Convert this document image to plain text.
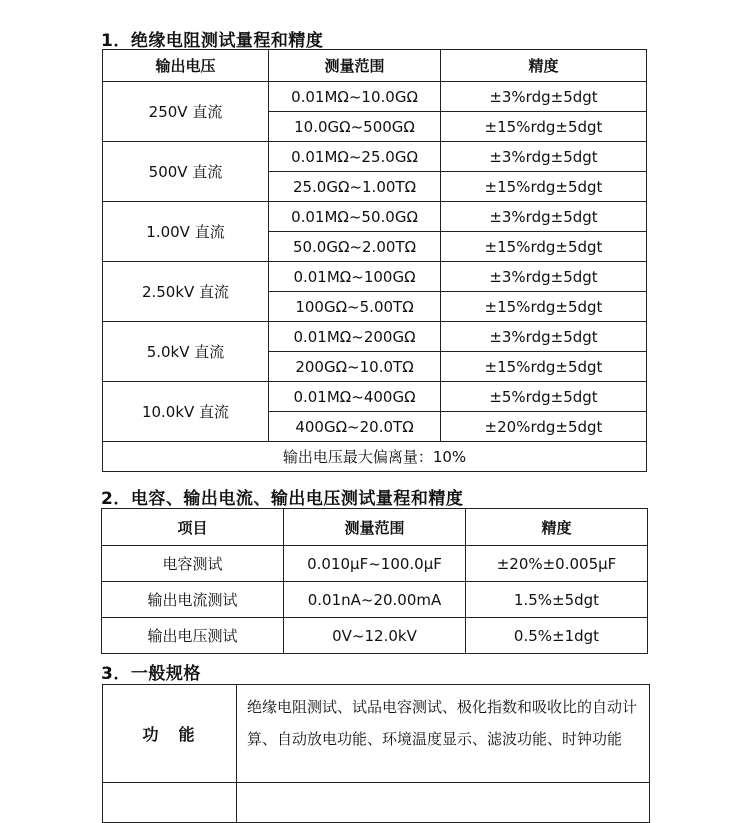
1．绝缘电阻测试量程和精度
输出电压	测量范围	精度
250V 直流	0.01MΩ~10.0GΩ	±3%rdg±5dgt
	10.0GΩ~500GΩ	±15%rdg±5dgt
500V 直流	0.01MΩ~25.0GΩ	±3%rdg±5dgt
	25.0GΩ~1.00TΩ	±15%rdg±5dgt
1.00V 直流	0.01MΩ~50.0GΩ	±3%rdg±5dgt
	50.0GΩ~2.00TΩ	±15%rdg±5dgt
2.50kV 直流	0.01MΩ~100GΩ	±3%rdg±5dgt
	100GΩ~5.00TΩ	±15%rdg±5dgt
5.0kV 直流	0.01MΩ~200GΩ	±3%rdg±5dgt
	200GΩ~10.0TΩ	±15%rdg±5dgt
10.0kV 直流	0.01MΩ~400GΩ	±5%rdg±5dgt
	400GΩ~20.0TΩ	±20%rdg±5dgt
输出电压最大偏离量：10%		
2．电容、输出电流、输出电压测试量程和精度
项目	测量范围	精度
电容测试	0.010μF~100.0μF	±20%±0.005μF
输出电流测试	0.01nA~20.00mA	1.5%±5dgt
输出电压测试	0V~12.0kV	0.5%±1dgt
3．一般规格
功　能	绝缘电阻测试、试品电容测试、极化指数和吸收比的自动计算、自动放电功能、环境温度显示、滤波功能、时钟功能
